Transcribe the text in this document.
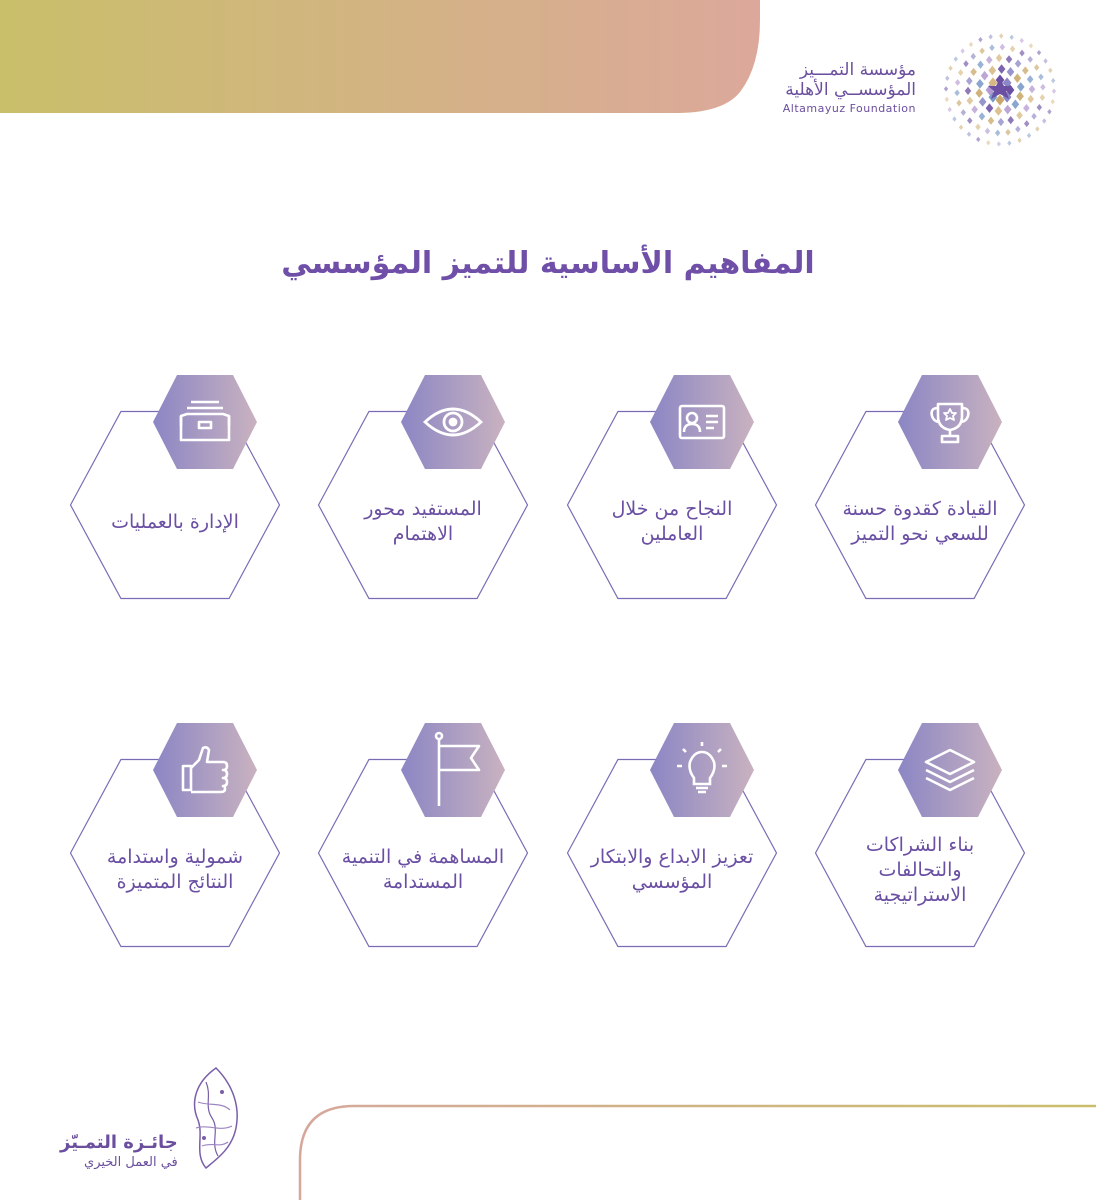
مؤسسة التمـــيز
المؤسســي الأهلية
Altamayuz Foundation
المفاهيم الأساسية للتميز المؤسسي
القيادة كقدوة حسنة للسعي نحو التميز
النجاح من خلال العاملين
المستفيد محور الاهتمام
الإدارة بالعمليات
بناء الشراكات والتحالفات الاستراتيجية
تعزيز الابداع والابتكار المؤسسي
المساهمة في التنمية المستدامة
شمولية واستدامة النتائج المتميزة
جائـزة التمـيّز
في العمل الخيري
